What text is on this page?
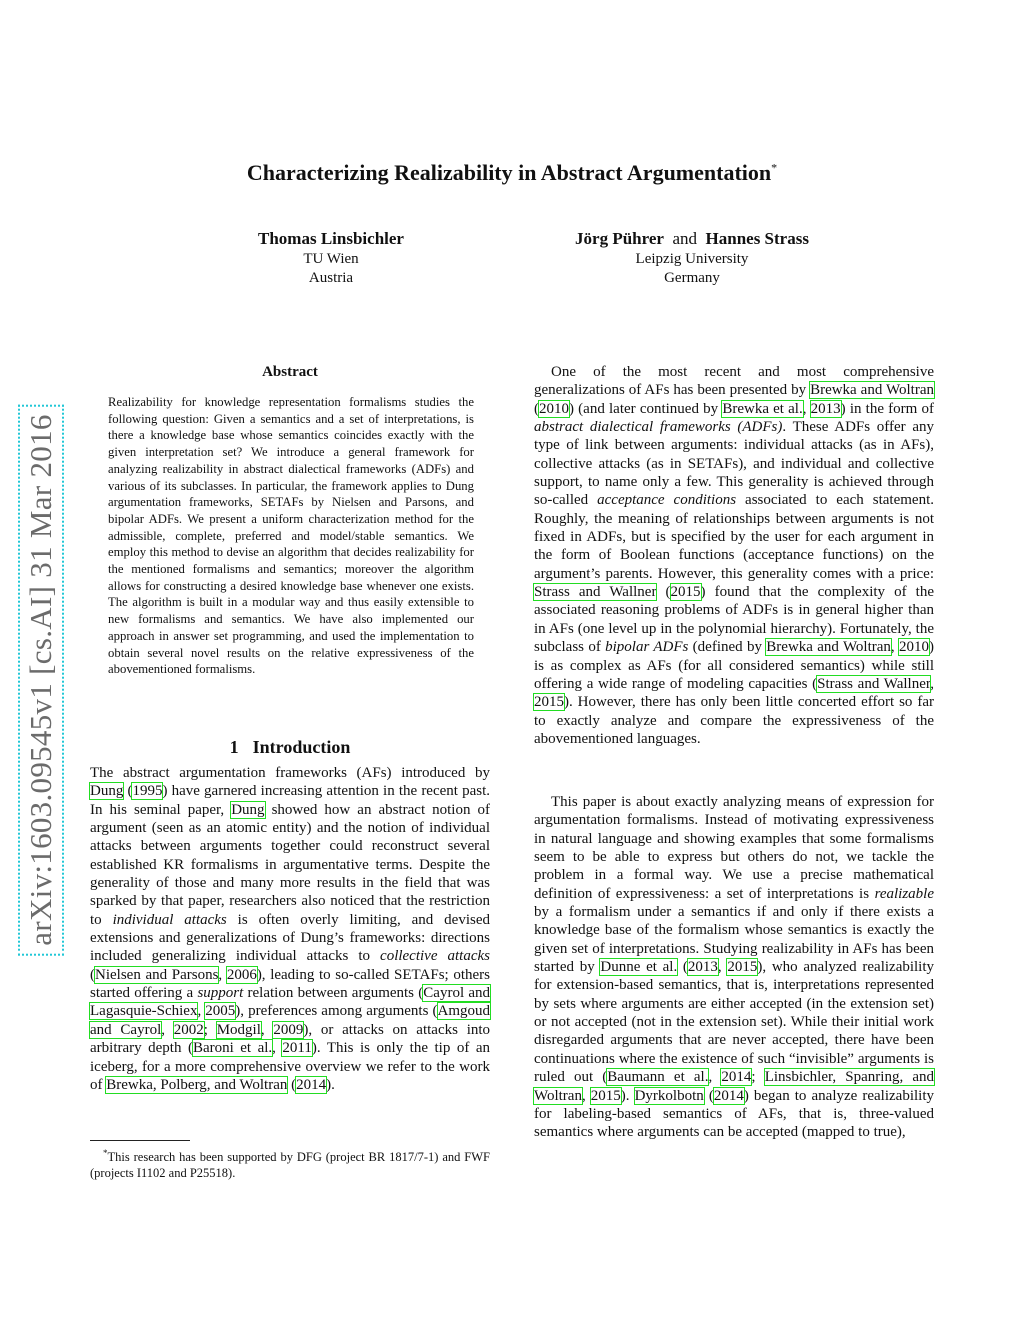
arXiv:1603.09545v1 [cs.AI] 31 Mar 2016
Characterizing Realizability in Abstract Argumentation*
Thomas Linsbichler
TU Wien
Austria
Jörg Pührer and Hannes Strass
Leipzig University
Germany
Abstract
Realizability for knowledge representation formalisms studies the following question: Given a semantics and a set of interpretations, is there a knowledge base whose semantics coincides exactly with the given interpretation set? We introduce a general framework for analyzing realizability in abstract dialectical frameworks (ADFs) and various of its subclasses. In particular, the framework applies to Dung argumentation frameworks, SETAFs by Nielsen and Parsons, and bipolar ADFs. We present a uniform characterization method for the admissible, complete, preferred and model/stable semantics. We employ this method to devise an algorithm that decides realizability for the mentioned formalisms and semantics; moreover the algorithm allows for constructing a desired knowledge base whenever one exists. The algorithm is built in a modular way and thus easily extensible to new formalisms and semantics. We have also implemented our approach in answer set programming, and used the implementation to obtain several novel results on the relative expressiveness of the abovementioned formalisms.
1 Introduction
The abstract argumentation frameworks (AFs) introduced by Dung (1995) have garnered increasing attention in the recent past. In his seminal paper, Dung showed how an abstract notion of argument (seen as an atomic entity) and the notion of individual attacks between arguments together could reconstruct several established KR formalisms in argumentative terms. Despite the generality of those and many more results in the field that was sparked by that paper, researchers also noticed that the restriction to individual attacks is often overly limiting, and devised extensions and generalizations of Dung’s frameworks: directions included generalizing individual attacks to collective attacks (Nielsen and Parsons, 2006), leading to so-called SETAFs; others started offering a support relation between arguments (Cayrol and Lagasquie-Schiex, 2005), preferences among arguments (Amgoud and Cayrol, 2002; Modgil, 2009), or attacks on attacks into arbitrary depth (Baroni et al., 2011). This is only the tip of an iceberg, for a more comprehensive overview we refer to the work of Brewka, Polberg, and Woltran (2014).
*This research has been supported by DFG (project BR 1817/7-1) and FWF (projects I1102 and P25518).
One of the most recent and most comprehensive generalizations of AFs has been presented by Brewka and Woltran (2010) (and later continued by Brewka et al., 2013) in the form of abstract dialectical frameworks (ADFs). These ADFs offer any type of link between arguments: individual attacks (as in AFs), collective attacks (as in SETAFs), and individual and collective support, to name only a few. This generality is achieved through so-called acceptance conditions associated to each statement. Roughly, the meaning of relationships between arguments is not fixed in ADFs, but is specified by the user for each argument in the form of Boolean functions (acceptance functions) on the argument’s parents. However, this generality comes with a price: Strass and Wallner (2015) found that the complexity of the associated reasoning problems of ADFs is in general higher than in AFs (one level up in the polynomial hierarchy). Fortunately, the subclass of bipolar ADFs (defined by Brewka and Woltran, 2010) is as complex as AFs (for all considered semantics) while still offering a wide range of modeling capacities (Strass and Wallner, 2015). However, there has only been little concerted effort so far to exactly analyze and compare the expressiveness of the abovementioned languages.
This paper is about exactly analyzing means of expression for argumentation formalisms. Instead of motivating expressiveness in natural language and showing examples that some formalisms seem to be able to express but others do not, we tackle the problem in a formal way. We use a precise mathematical definition of expressiveness: a set of interpretations is realizable by a formalism under a semantics if and only if there exists a knowledge base of the formalism whose semantics is exactly the given set of interpretations. Studying realizability in AFs has been started by Dunne et al. (2013, 2015), who analyzed realizability for extension-based semantics, that is, interpretations represented by sets where arguments are either accepted (in the extension set) or not accepted (not in the extension set). While their initial work disregarded arguments that are never accepted, there have been continuations where the existence of such “invisible” arguments is ruled out (Baumann et al., 2014; Linsbichler, Spanring, and Woltran, 2015). Dyrkolbotn (2014) began to analyze realizability for labeling-based semantics of AFs, that is, three-valued semantics where arguments can be accepted (mapped to true),
